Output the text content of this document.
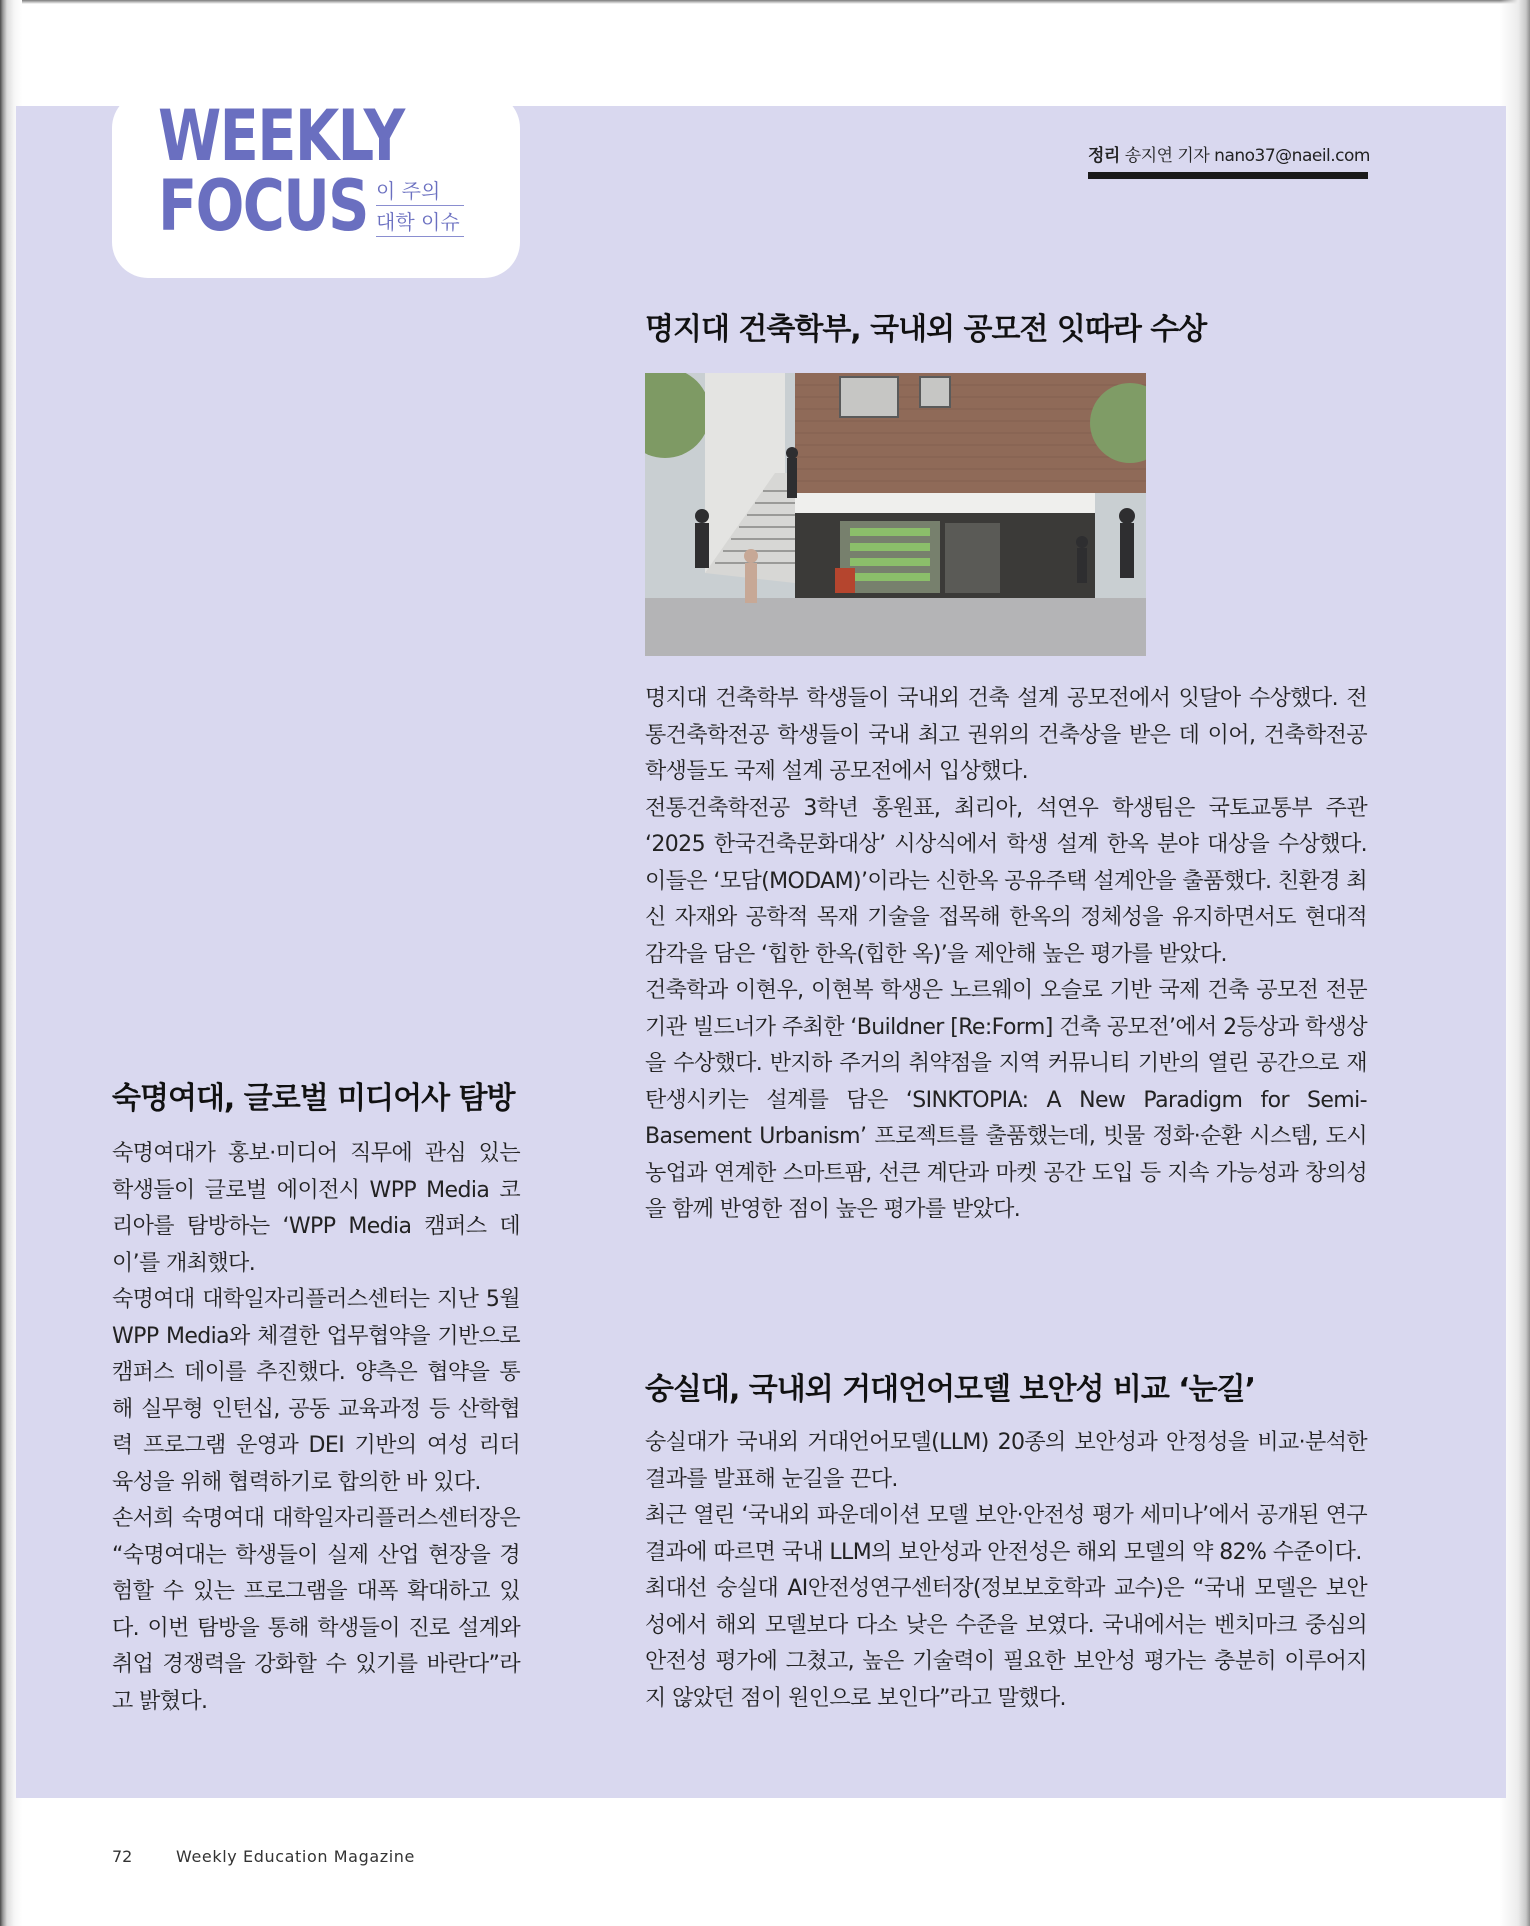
WEEKLY
FOCUS 이 주의
대학 이슈
정리 송지연 기자 nano37@naeil.com
명지대 건축학부, 국내외 공모전 잇따라 수상

명지대 건축학부 학생들이 국내외 건축 설계 공모전에서 잇달아 수상했다. 전통건축학전공 학생들이 국내 최고 권위의 건축상을 받은 데 이어, 건축학전공 학생들도 국제 설계 공모전에서 입상했다.

전통건축학전공 3학년 홍원표, 최리아, 석연우 학생팀은 국토교통부 주관 ‘2025 한국건축문화대상’ 시상식에서 학생 설계 한옥 분야 대상을 수상했다. 이들은 ‘모담(MODAM)’이라는 신한옥 공유주택 설계안을 출품했다. 친환경 최신 자재와 공학적 목재 기술을 접목해 한옥의 정체성을 유지하면서도 현대적 감각을 담은 ‘힙한 한옥(힙한 옥)’을 제안해 높은 평가를 받았다.

건축학과 이현우, 이현복 학생은 노르웨이 오슬로 기반 국제 건축 공모전 전문 기관 빌드너가 주최한 ‘Buildner [Re:Form] 건축 공모전’에서 2등상과 학생상을 수상했다. 반지하 주거의 취약점을 지역 커뮤니티 기반의 열린 공간으로 재탄생시키는 설계를 담은 ‘SINKTOPIA: A New Paradigm for Semi-Basement Urbanism’ 프로젝트를 출품했는데, 빗물 정화·순환 시스템, 도시농업과 연계한 스마트팜, 선큰 계단과 마켓 공간 도입 등 지속 가능성과 창의성을 함께 반영한 점이 높은 평가를 받았다.

숙명여대, 글로벌 미디어사 탐방

숙명여대가 홍보·미디어 직무에 관심 있는 학생들이 글로벌 에이전시 WPP Media 코리아를 탐방하는 ‘WPP Media 캠퍼스 데이’를 개최했다.

숙명여대 대학일자리플러스센터는 지난 5월 WPP Media와 체결한 업무협약을 기반으로 캠퍼스 데이를 추진했다. 양측은 협약을 통해 실무형 인턴십, 공동 교육과정 등 산학협력 프로그램 운영과 DEI 기반의 여성 리더 육성을 위해 협력하기로 합의한 바 있다.

손서희 숙명여대 대학일자리플러스센터장은 “숙명여대는 학생들이 실제 산업 현장을 경험할 수 있는 프로그램을 대폭 확대하고 있다. 이번 탐방을 통해 학생들이 진로 설계와 취업 경쟁력을 강화할 수 있기를 바란다”라고 밝혔다.

숭실대, 국내외 거대언어모델 보안성 비교 ‘눈길’

숭실대가 국내외 거대언어모델(LLM) 20종의 보안성과 안정성을 비교·분석한 결과를 발표해 눈길을 끈다.

최근 열린 ‘국내외 파운데이션 모델 보안·안전성 평가 세미나’에서 공개된 연구 결과에 따르면 국내 LLM의 보안성과 안전성은 해외 모델의 약 82% 수준이다.

최대선 숭실대 AI안전성연구센터장(정보보호학과 교수)은 “국내 모델은 보안성에서 해외 모델보다 다소 낮은 수준을 보였다. 국내에서는 벤치마크 중심의 안전성 평가에 그쳤고, 높은 기술력이 필요한 보안성 평가는 충분히 이루어지지 않았던 점이 원인으로 보인다”라고 말했다.

72	Weekly Education Magazine
